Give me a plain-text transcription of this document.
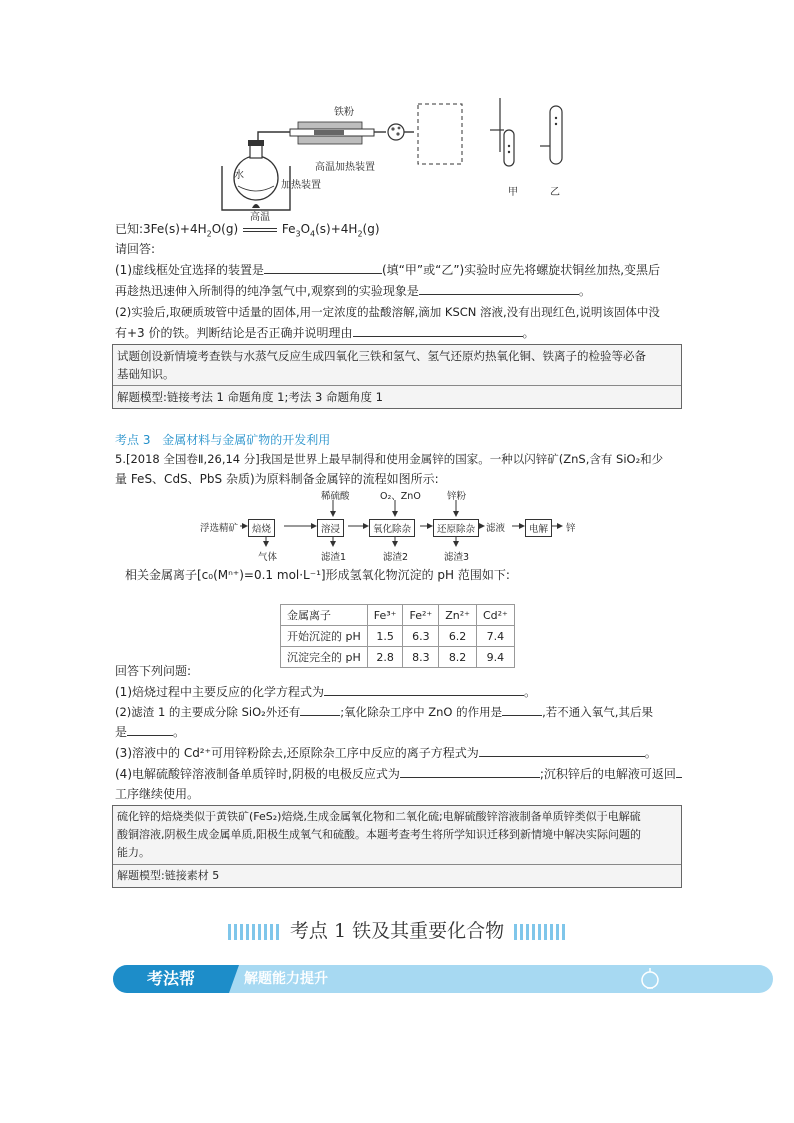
铁粉
水
高温加热装置
加热装置
甲	乙
已知$:3Fe(s)+4H_2O(g)$
高温
$Fe_3O_4(s)+4H_2(g)$
请回答:
(1)虚线框处宜选择的装置是	(填“甲”或“乙”)实验时应先将螺旋状铜丝加热,变黑后
再趁热迅速伸入所制得的纯净氢气中,观察到的实验现象是	。
(2)实验后,取硬质玻管中适量的固体,用一定浓度的盐酸溶解,滴加 KSCN 溶液,没有出现红色,说明该固体中没
有+3 价的铁。判断结论是否正确并说明理由	。

试题创设新情境考查铁与水蒸气反应生成四氧化三铁和氢气、氢气还原灼热氧化铜、铁离子的检验等必备

基础知识。

解题模型:链接考法 1 命题角度 1;考法 3 命题角度 1

考点 3 金属材料与金属矿物的开发利用
5.[2018 全国卷Ⅱ,26,14 分]我国是世界上最早制得和使用金属锌的国家。一种以闪锌矿(ZnS,含有 SiO₂和少
量 FeS、CdS、PbS 杂质)为原料制备金属锌的流程如图所示:
浮选精矿	焙烧	溶浸	氧化除杂	还原除杂	滤液	电解	锌
稀硫酸	O₂、ZnO	锌粉
气体	滤渣1	滤渣2	滤渣3
相关金属离子[c₀(Mⁿ⁺)=0.1 mol·L⁻¹]形成氢氧化物沉淀的 pH 范围如下:
金属离子	Fe³⁺	Fe²⁺	Zn²⁺	Cd²⁺
开始沉淀的 pH	1.5	6.3	6.2	7.4
沉淀完全的 pH	2.8	8.3	8.2	9.4
回答下列问题:
(1)焙烧过程中主要反应的化学方程式为	。
(2)滤渣 1 的主要成分除 SiO₂外还有	;氧化除杂工序中 ZnO 的作用是	,若不通入氧气,其后果
是	。
(3)溶液中的 Cd²⁺可用锌粉除去,还原除杂工序中反应的离子方程式为	。
(4)电解硫酸锌溶液制备单质锌时,阴极的电极反应式为	;沉积锌后的电解液可返回
工序继续使用。

硫化锌的焙烧类似于黄铁矿(FeS₂)焙烧,生成金属氧化物和二氧化硫;电解硫酸锌溶液制备单质锌类似于电解硫

酸铜溶液,阴极生成金属单质,阳极生成氧气和硫酸。本题考查考生将所学知识迁移到新情境中解决实际问题的

能力。

解题模型:链接素材 5

考点 1 铁及其重要化合物
考法帮	解题能力提升
